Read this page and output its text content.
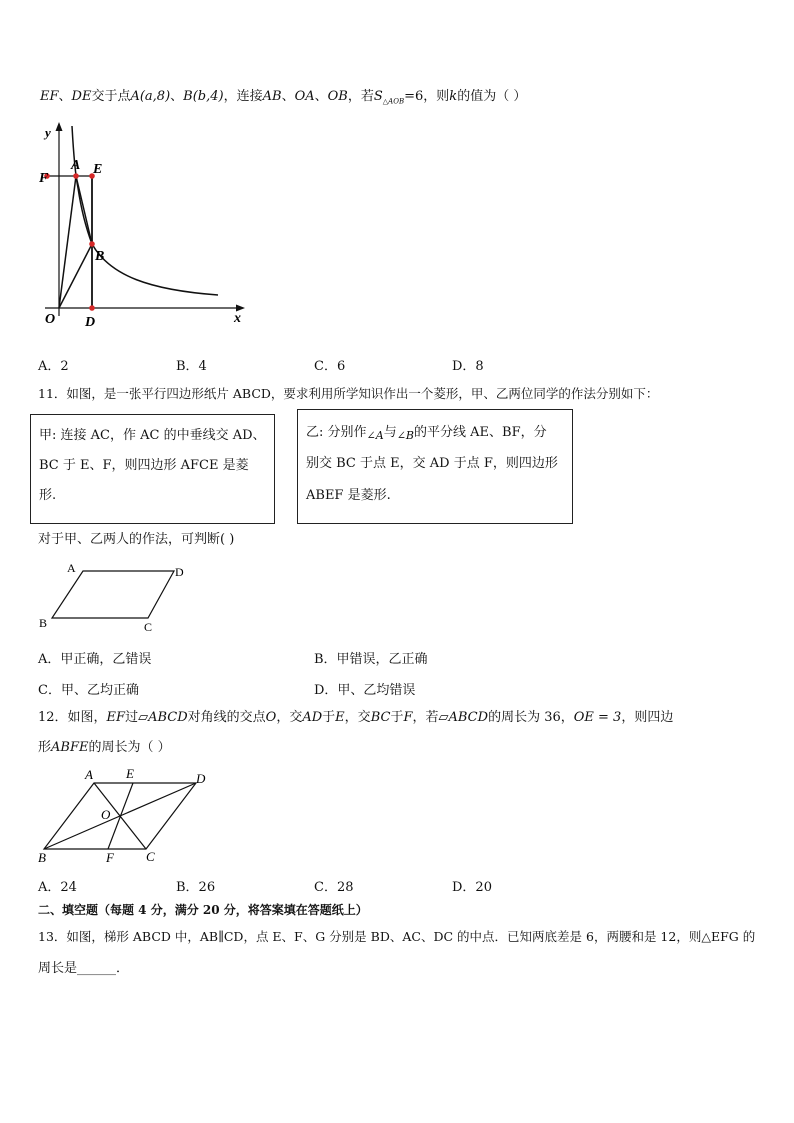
EF、DE交于点A(a,8)、B(b,4)，连接AB、OA、OB，若$S_{\triangle AOB}=6$，则k的值为（ ）
y
x
O D
F
A E
B
A．2	B．4	C．6	D．8
11．如图，是一张平行四边形纸片 ABCD，要求利用所学知识作出一个菱形，甲、乙两位同学的作法分别如下：
甲: 连接 AC，作 AC 的中垂线交 AD、
BC 于 E、F，则四边形 AFCE 是菱
形.
乙: 分别作$_{\angle A}$与$_{\angle B}$的平分线 AE、BF，分
别交 BC 于点 E，交 AD 于点 F，则四边形
ABEF 是菱形.
对于甲、乙两人的作法，可判断( )
A	D
B	C
A．甲正确，乙错误	B．甲错误，乙正确
C．甲、乙均正确	D．甲、乙均错误
12．如图，EF过▱ABCD对角线的交点O，交AD于E，交BC于F，若▱ABCD的周长为 36，OE = 3，则四边
形ABFE的周长为（ ）
A	E	D
O
B	F C
A．24	B．26	C．28	D．20
二、填空题（每题 4 分，满分 20 分，将答案填在答题纸上）
13．如图，梯形 ABCD 中，AB∥CD，点 E、F、G 分别是 BD、AC、DC 的中点．已知两底差是 6，两腰和是 12，则△EFG 的
周长是______．
